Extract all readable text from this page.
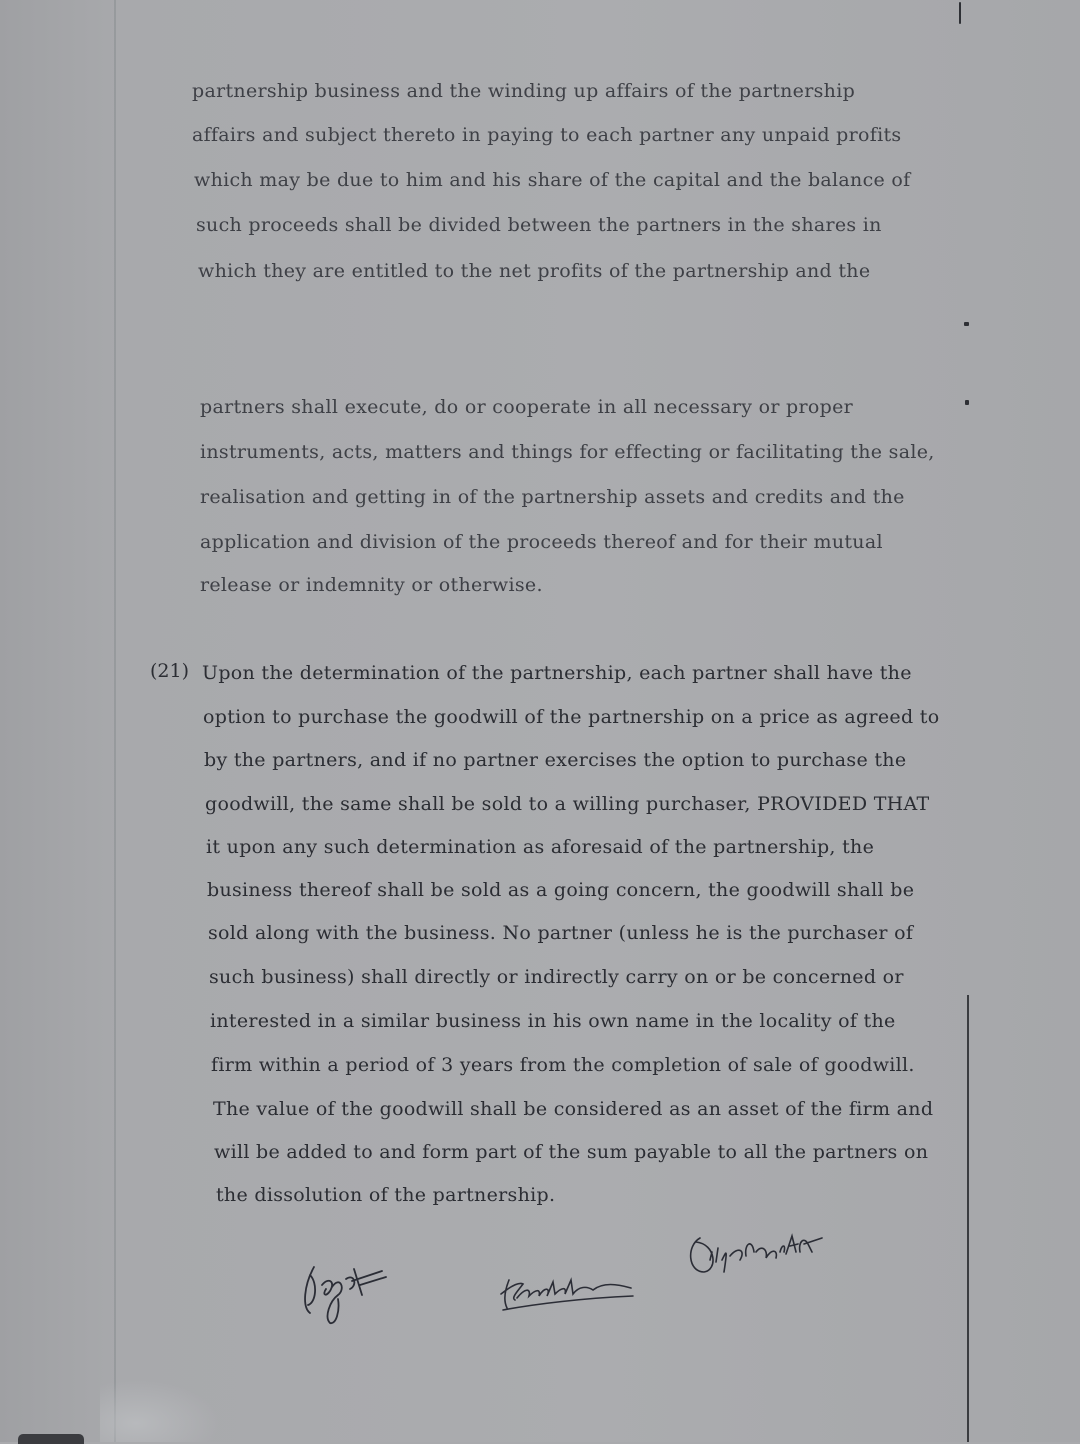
partnership business and the winding up affairs of the partnership
affairs and subject thereto in paying to each partner any unpaid profits
which may be due to him and his share of the capital and the balance of
such proceeds shall be divided between the partners in the shares in
which they are entitled to the net profits of the partnership and the
partners shall execute, do or cooperate in all necessary or proper
instruments, acts, matters and things for effecting or facilitating the sale,
realisation and getting in of the partnership assets and credits and the
application and division of the proceeds thereof and for their mutual
release or indemnity or otherwise.
(21) Upon the determination of the partnership, each partner shall have the
option to purchase the goodwill of the partnership on a price as agreed to
by the partners, and if no partner exercises the option to purchase the
goodwill, the same shall be sold to a willing purchaser, PROVIDED THAT
it upon any such determination as aforesaid of the partnership, the
business thereof shall be sold as a going concern, the goodwill shall be
sold along with the business. No partner (unless he is the purchaser of
such business) shall directly or indirectly carry on or be concerned or
interested in a similar business in his own name in the locality of the
firm within a period of 3 years from the completion of sale of goodwill.
The value of the goodwill shall be considered as an asset of the firm and
will be added to and form part of the sum payable to all the partners on
the dissolution of the partnership.
